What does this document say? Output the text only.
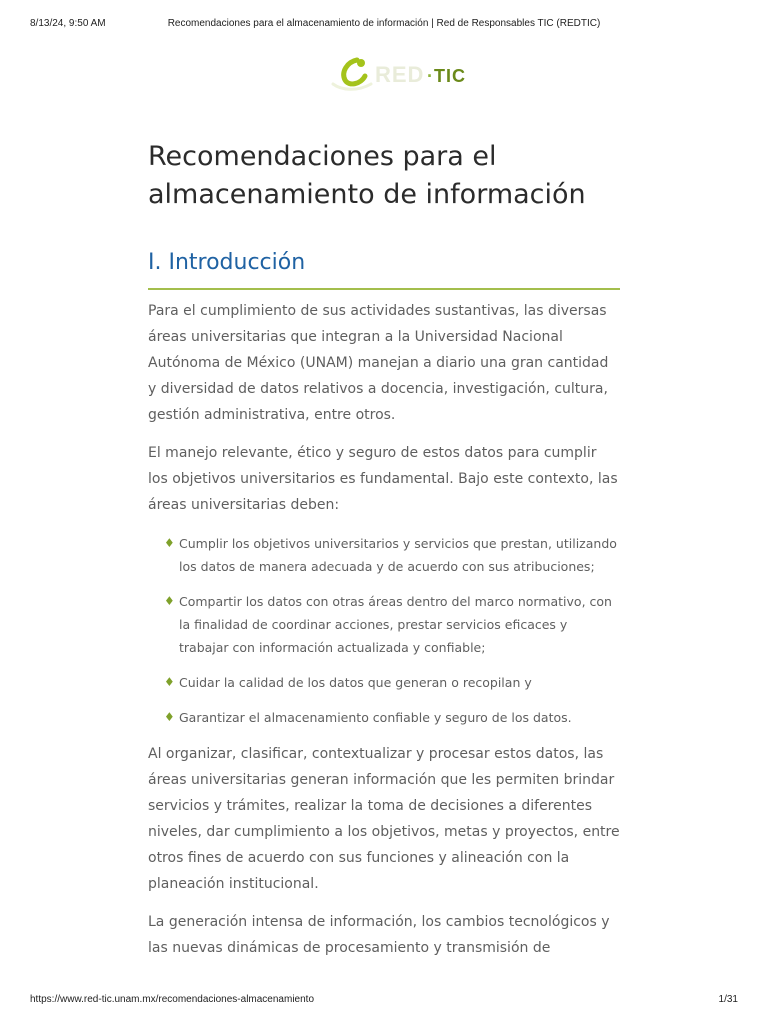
8/13/24, 9:50 AM	Recomendaciones para el almacenamiento de información | Red de Responsables TIC (REDTIC)
RED ·TIC
Recomendaciones para el almacenamiento de información
I. Introducción

Para el cumplimiento de sus actividades sustantivas, las diversas áreas universitarias que integran a la Universidad Nacional Autónoma de México (UNAM) manejan a diario una gran cantidad y diversidad de datos relativos a docencia, investigación, cultura, gestión administrativa, entre otros.

El manejo relevante, ético y seguro de estos datos para cumplir los objetivos universitarios es fundamental. Bajo este contexto, las áreas universitarias deben:

♦ Cumplir los objetivos universitarios y servicios que prestan, utilizando los datos de manera adecuada y de acuerdo con sus atribuciones;
♦ Compartir los datos con otras áreas dentro del marco normativo, con la finalidad de coordinar acciones, prestar servicios eficaces y trabajar con información actualizada y confiable;
♦ Cuidar la calidad de los datos que generan o recopilan y
♦ Garantizar el almacenamiento confiable y seguro de los datos.

Al organizar, clasificar, contextualizar y procesar estos datos, las áreas universitarias generan información que les permiten brindar servicios y trámites, realizar la toma de decisiones a diferentes niveles, dar cumplimiento a los objetivos, metas y proyectos, entre otros fines de acuerdo con sus funciones y alineación con la planeación institucional.

La generación intensa de información, los cambios tecnológicos y las nuevas dinámicas de procesamiento y transmisión de

https://www.red-tic.unam.mx/recomendaciones-almacenamiento	1/31
